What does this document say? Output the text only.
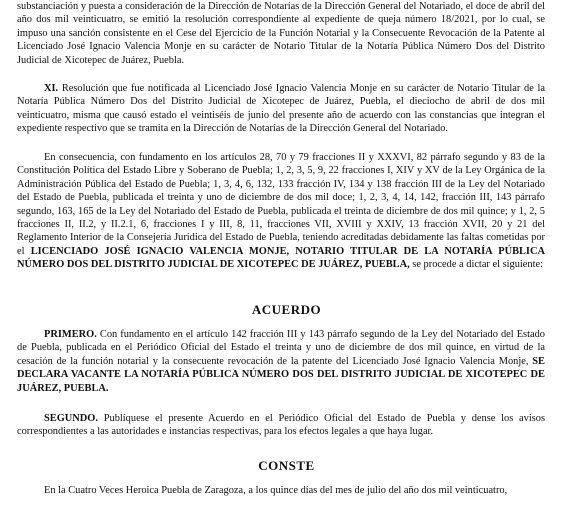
substanciación y puesta a consideración de la Dirección de Notarías de la Dirección General del Notariado, el doce de abril del año dos mil veinticuatro, se emitió la resolución correspondiente al expediente de queja número 18/2021, por lo cual, se impuso una sanción consistente en el Cese del Ejercicio de la Función Notarial y la Consecuente Revocación de la Patente al Licenciado José Ignacio Valencia Monje en su carácter de Notario Titular de la Notaría Pública Número Dos del Distrito Judicial de Xicotepec de Juárez, Puebla.

XI. Resolución que fue notificada al Licenciado José Ignacio Valencia Monje en su carácter de Notario Titular de la Notaría Pública Número Dos del Distrito Judicial de Xicotepec de Juárez, Puebla, el dieciocho de abril de dos mil veinticuatro, misma que causó estado el veintiséis de junio del presente año de acuerdo con las constancias que integran el expediente respectivo que se tramita en la Dirección de Notarías de la Dirección General del Notariado.

En consecuencia, con fundamento en los artículos 28, 70 y 79 fracciones II y XXXVI, 82 párrafo segundo y 83 de la Constitución Política del Estado Libre y Soberano de Puebla; 1, 2, 3, 5, 9, 22 fracciones I, XIV y XV de la Ley Orgánica de la Administración Pública del Estado de Puebla; 1, 3, 4, 6, 132, 133 fracción IV, 134 y 138 fracción III de la Ley del Notariado del Estado de Puebla, publicada el treinta y uno de diciembre de dos mil doce; 1, 2, 3, 4, 14, 142, fracción III, 143 párrafo segundo, 163, 165 de la Ley del Notariado del Estado de Puebla, publicada el treinta de diciembre de dos mil quince; y 1, 2, 5 fracciones II, II.2, y II.2.1, 6, fracciones I y III, 8, 11, fracciones VII, XVIII y XXIV, 13 fracción XVII, 20 y 21 del Reglamento Interior de la Consejería Jurídica del Estado de Puebla, teniendo acreditadas debidamente las faltas cometidas por el LICENCIADO JOSÉ IGNACIO VALENCIA MONJE, NOTARIO TITULAR DE LA NOTARÍA PÚBLICA NÚMERO DOS DEL DISTRITO JUDICIAL DE XICOTEPEC DE JUÁREZ, PUEBLA, se procede a dictar el siguiente:

ACUERDO

PRIMERO. Con fundamento en el artículo 142 fracción III y 143 párrafo segundo de la Ley del Notariado del Estado de Puebla, publicada en el Periódico Oficial del Estado el treinta y uno de diciembre de dos mil quince, en virtud de la cesación de la función notarial y la consecuente revocación de la patente del Licenciado José Ignacio Valencia Monje, SE DECLARA VACANTE LA NOTARÍA PÚBLICA NÚMERO DOS DEL DISTRITO JUDICIAL DE XICOTEPEC DE JUÁREZ, PUEBLA.

SEGUNDO. Publíquese el presente Acuerdo en el Periódico Oficial del Estado de Puebla y dense los avisos correspondientes a las autoridades e instancias respectivas, para los efectos legales a que haya lugar.

CONSTE

En la Cuatro Veces Heroica Puebla de Zaragoza, a los quince días del mes de julio del año dos mil veinticuatro,
